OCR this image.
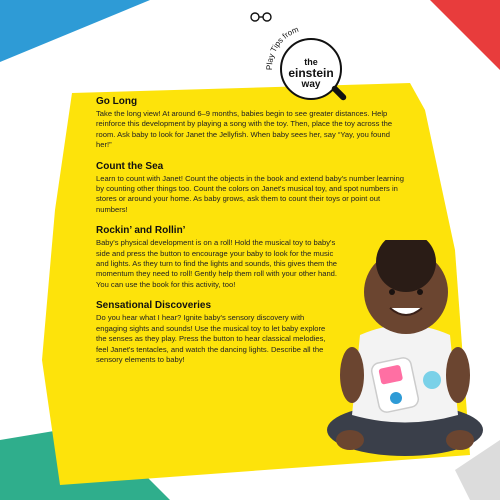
Play Tips from
the
einstein
way
Go Long

Take the long view! At around 6–9 months, babies begin to see greater distances. Help reinforce this development by playing a song with the toy. Then, place the toy across the room. Ask baby to look for Janet the Jellyfish. When baby sees her, say “Yay, you found her!”

Count the Sea

Learn to count with Janet! Count the objects in the book and extend baby's number learning by counting other things too. Count the colors on Janet's musical toy, and spot numbers in stores or around your home. As baby grows, ask them to count their toys or point out numbers!

Rockin’ and Rollin’

Baby's physical development is on a roll! Hold the musical toy to baby's side and press the button to encourage your baby to look for the music and lights. As they turn to find the lights and sounds, this gives them the momentum they need to roll! Gently help them roll with your other hand. You can use the book for this activity, too!

Sensational Discoveries

Do you hear what I hear? Ignite baby's sensory discovery with engaging sights and sounds! Use the musical toy to let baby explore the senses as they play. Press the button to hear classical melodies, feel Janet's tentacles, and watch the dancing lights. Describe all the sensory elements to baby!
